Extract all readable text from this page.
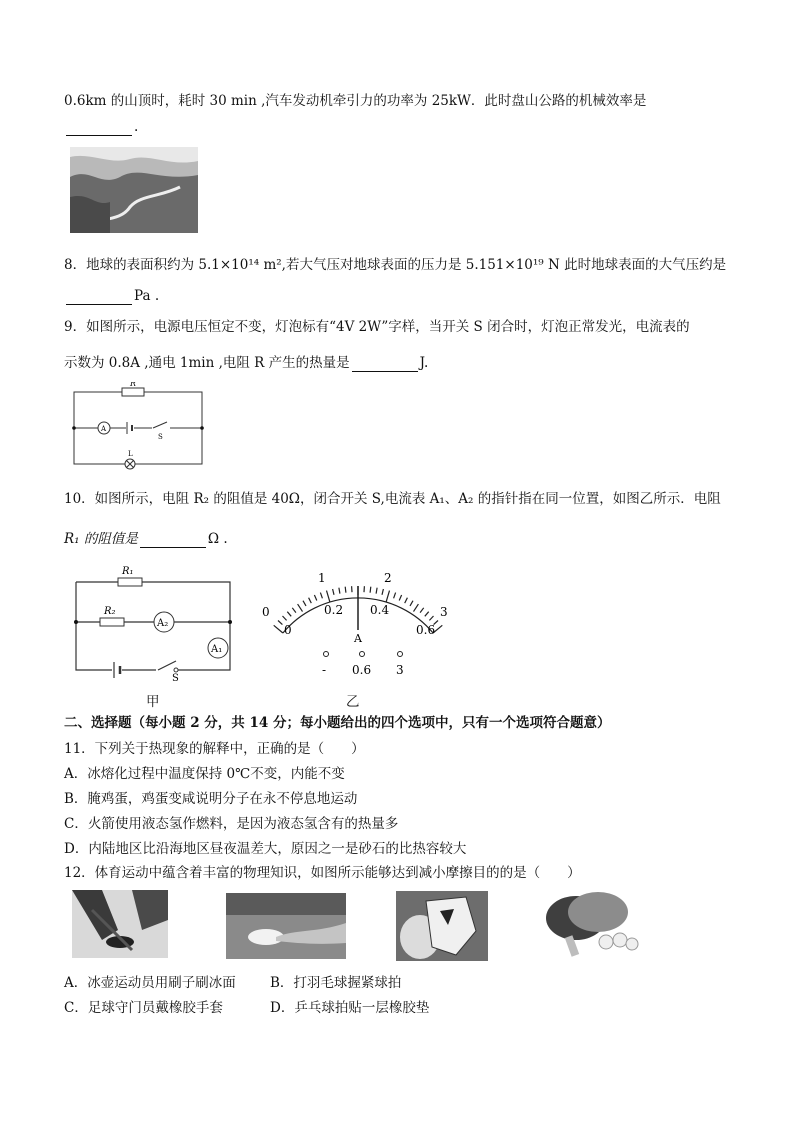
0.6km 的山顶时，耗时 30 min ,汽车发动机牵引力的功率为 25kW．此时盘山公路的机械效率是
.
8．地球的表面积约为 5.1×10¹⁴ m²,若大气压对地球表面的压力是 5.151×10¹⁹ N 此时地球表面的大气压约是
Pa .
9．如图所示，电源电压恒定不变，灯泡标有“4V 2W”字样，当开关 S 闭合时，灯泡正常发光，电流表的
示数为 0.8A ,通电 1min ,电阻 R 产生的热量是	J.
R
A
S
L
10．如图所示，电阻 R₂ 的阻值是 40Ω，闭合开关 S,电流表 A₁、A₂ 的指针指在同一位置，如图乙所示．电阻
R₁ 的阻值是	Ω .
R₁
R₂
A₂
A₁
S
甲
0
1	2
3
0
0.2 0.4
0.6
A
- 0.6 3
乙
二、选择题（每小题 2 分，共 14 分；每小题给出的四个选项中，只有一个选项符合题意）
11．下列关于热现象的解释中，正确的是（　　）
A．冰熔化过程中温度保持 0℃不变，内能不变
B．腌鸡蛋，鸡蛋变咸说明分子在永不停息地运动
C．火箭使用液态氢作燃料，是因为液态氢含有的热量多
D．内陆地区比沿海地区昼夜温差大，原因之一是砂石的比热容较大
12．体育运动中蕴含着丰富的物理知识，如图所示能够达到减小摩擦目的的是（　　）
A．冰壶运动员用刷子刷冰面	B．打羽毛球握紧球拍
C．足球守门员戴橡胶手套	D．乒乓球拍贴一层橡胶垫
